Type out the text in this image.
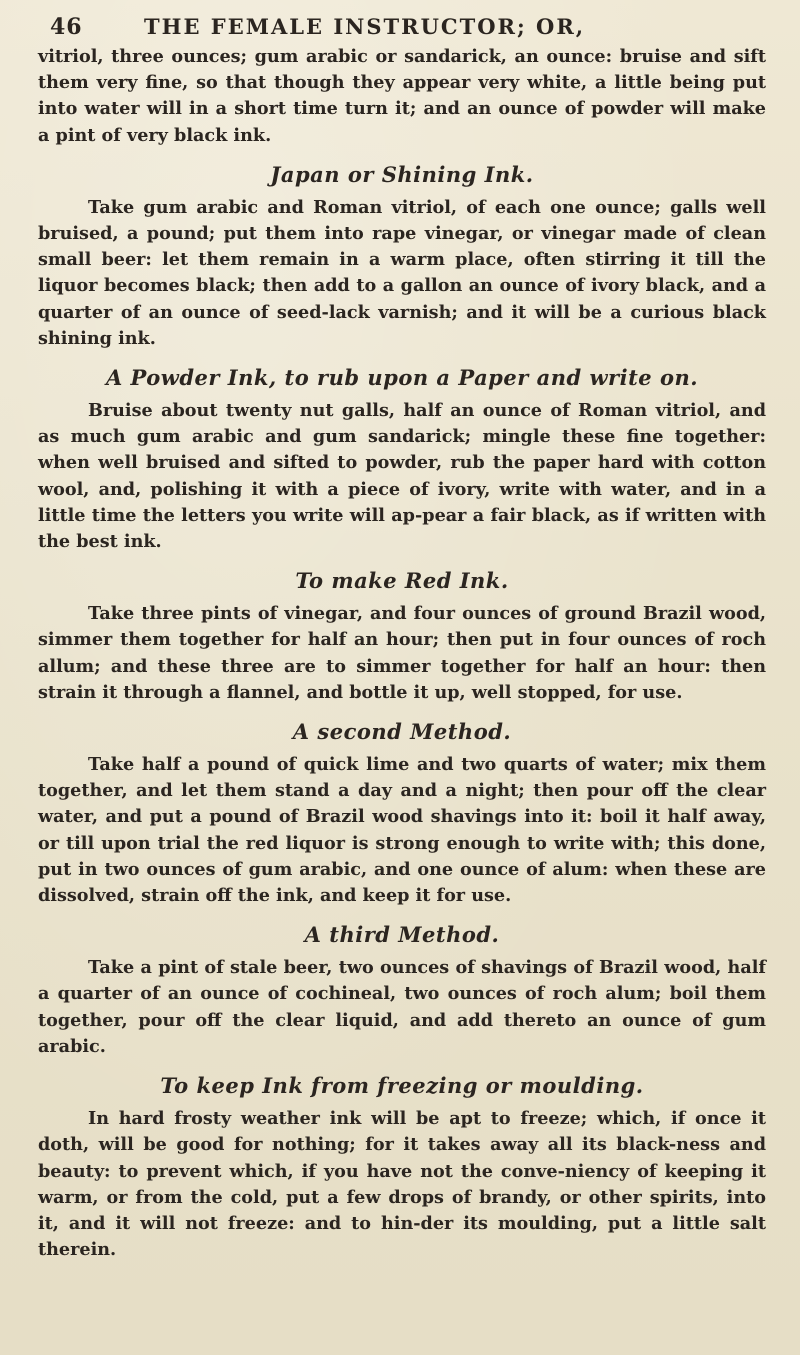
46	THE FEMALE INSTRUCTOR; OR,

vitriol, three ounces; gum arabic or sandarick, an ounce: bruise and sift them very fine, so that though they appear very white, a little being put into water will in a short time turn it; and an ounce of powder will make a pint of very black ink.

Japan or Shining Ink.

Take gum arabic and Roman vitriol, of each one ounce; galls well bruised, a pound; put them into rape vinegar, or vinegar made of clean small beer: let them remain in a warm place, often stirring it till the liquor becomes black; then add to a gallon an ounce of ivory black, and a quarter of an ounce of seed-lack varnish; and it will be a curious black shining ink.

A Powder Ink, to rub upon a Paper and write on.

Bruise about twenty nut galls, half an ounce of Roman vitriol, and as much gum arabic and gum sandarick; mingle these fine together: when well bruised and sifted to powder, rub the paper hard with cotton wool, and, polishing it with a piece of ivory, write with water, and in a little time the letters you write will ap-pear a fair black, as if written with the best ink.

To make Red Ink.

Take three pints of vinegar, and four ounces of ground Brazil wood, simmer them together for half an hour; then put in four ounces of roch allum; and these three are to simmer together for half an hour: then strain it through a flannel, and bottle it up, well stopped, for use.

A second Method.

Take half a pound of quick lime and two quarts of water; mix them together, and let them stand a day and a night; then pour off the clear water, and put a pound of Brazil wood shavings into it: boil it half away, or till upon trial the red liquor is strong enough to write with; this done, put in two ounces of gum arabic, and one ounce of alum: when these are dissolved, strain off the ink, and keep it for use.

A third Method.

Take a pint of stale beer, two ounces of shavings of Brazil wood, half a quarter of an ounce of cochineal, two ounces of roch alum; boil them together, pour off the clear liquid, and add thereto an ounce of gum arabic.

To keep Ink from freezing or moulding.

In hard frosty weather ink will be apt to freeze; which, if once it doth, will be good for nothing; for it takes away all its black-ness and beauty: to prevent which, if you have not the conve-niency of keeping it warm, or from the cold, put a few drops of brandy, or other spirits, into it, and it will not freeze: and to hin-der its moulding, put a little salt therein.
